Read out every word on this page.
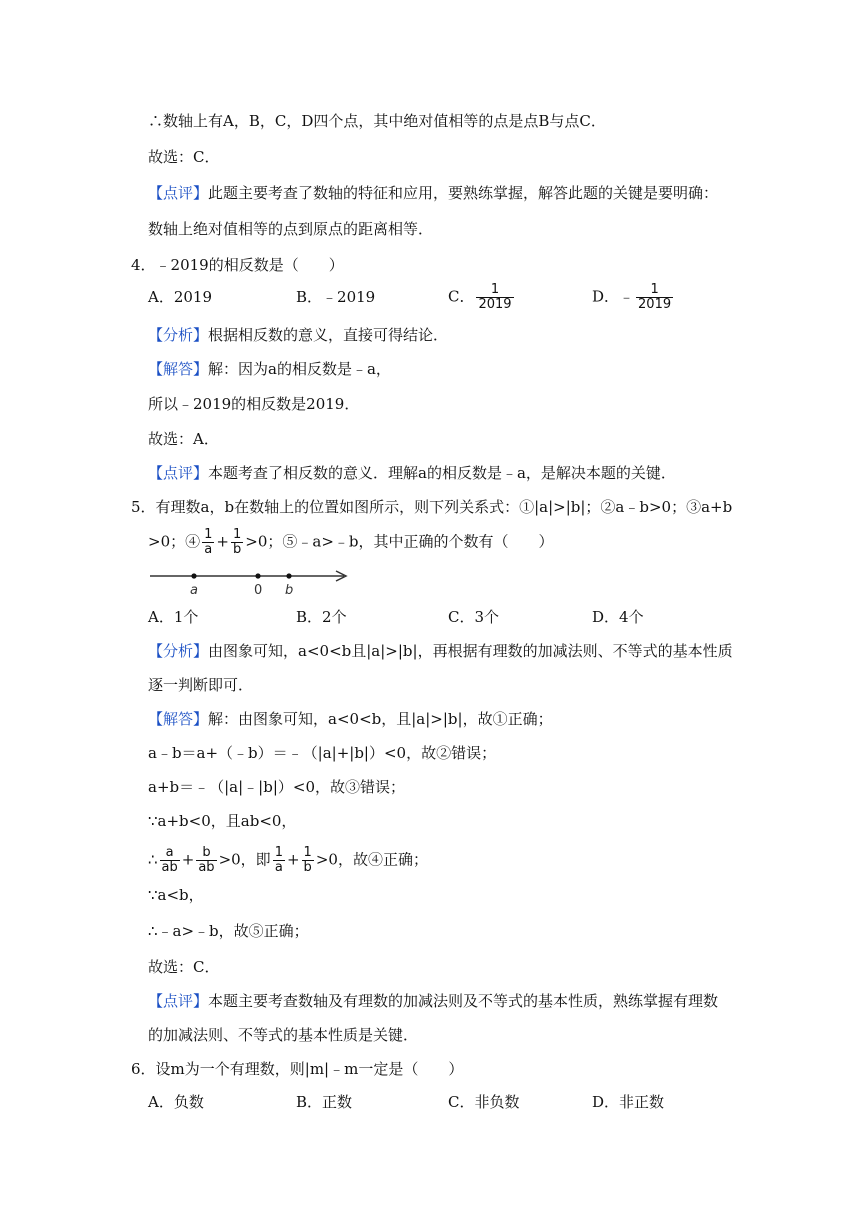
∴数轴上有A，B，C，D四个点，其中绝对值相等的点是点B与点C．
故选：C．
【点评】此题主要考查了数轴的特征和应用，要熟练掌握，解答此题的关键是要明确：
数轴上绝对值相等的点到原点的距离相等．
4．﹣2019的相反数是（　　）
A．2019	B．﹣2019	C． $\frac{1}{2019}$	D．﹣ $\frac{1}{2019}$
【分析】根据相反数的意义，直接可得结论．
【解答】解：因为a的相反数是﹣a，
所以﹣2019的相反数是2019．
故选：A．
【点评】本题考查了相反数的意义．理解a的相反数是﹣a，是解决本题的关键．
5．有理数a，b在数轴上的位置如图所示，则下列关系式：①|a|>|b|；②a﹣b>0；③a+b
>0；④ $\frac{1}{a} + \frac{1}{b} >0$；⑤﹣a>﹣b，其中正确的个数有（　　）
a	0 b
A．1个	B．2个	C．3个	D．4个
【分析】由图象可知，a<0<b且|a|>|b|，再根据有理数的加减法则、不等式的基本性质
逐一判断即可．
【解答】解：由图象可知，a<0<b，且|a|>|b|，故①正确；
a﹣b＝a+（﹣b）＝﹣（|a|+|b|）<0，故②错误；
a+b＝﹣（|a|﹣|b|）<0，故③错误；
∵a+b<0，且ab<0，
∴ $\frac{a}{ab} + \frac{b}{ab} >0$，即 $\frac{1}{a} + \frac{1}{b} >0$，故④正确；
∵a<b，
∴﹣a>﹣b，故⑤正确；
故选：C．
【点评】本题主要考查数轴及有理数的加减法则及不等式的基本性质，熟练掌握有理数
的加减法则、不等式的基本性质是关键．
6．设m为一个有理数，则|m|﹣m一定是（　　）
A．负数	B．正数	C．非负数	D．非正数
